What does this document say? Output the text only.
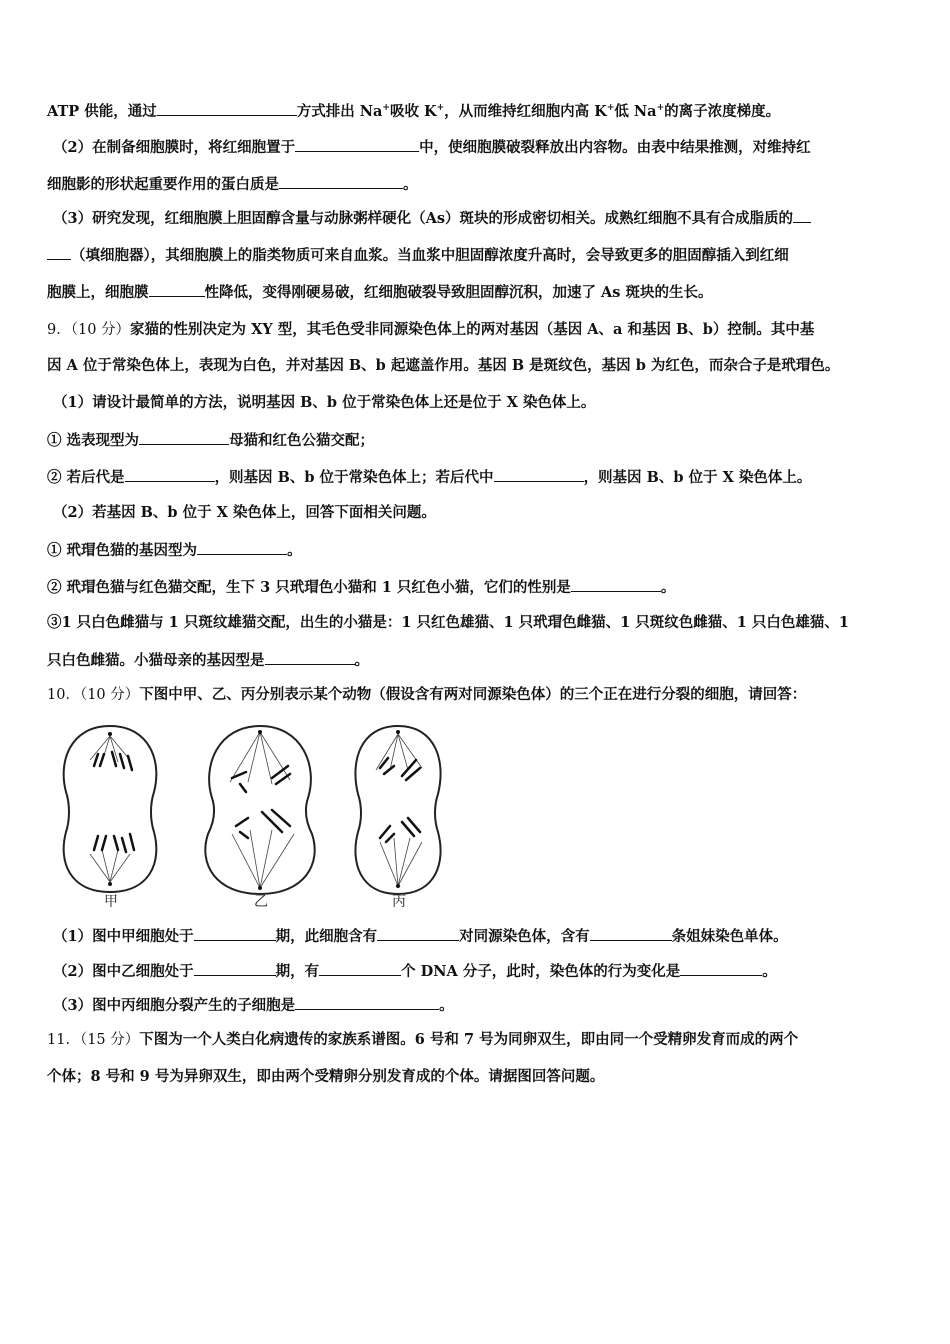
ATP 供能，通过	方式排出 Na+吸收 K+，从而维持红细胞内高 K+低 Na+的离子浓度梯度。
（2）在制备细胞膜时，将红细胞置于	中，使细胞膜破裂释放出内容物。由表中结果推测，对维持红
细胞影的形状起重要作用的蛋白质是	。
（3）研究发现，红细胞膜上胆固醇含量与动脉粥样硬化（As）斑块的形成密切相关。成熟红细胞不具有合成脂质的
（填细胞器），其细胞膜上的脂类物质可来自血浆。当血浆中胆固醇浓度升高时，会导致更多的胆固醇插入到红细
胞膜上，细胞膜	性降低，变得刚硬易破，红细胞破裂导致胆固醇沉积，加速了 As 斑块的生长。
9．（10 分）家猫的性别决定为 XY 型，其毛色受非同源染色体上的两对基因（基因 A、a 和基因 B、b）控制。其中基
因 A 位于常染色体上，表现为白色，并对基因 B、b 起遮盖作用。基因 B 是斑纹色，基因 b 为红色，而杂合子是玳瑁色。
（1）请设计最简单的方法，说明基因 B、b 位于常染色体上还是位于 X 染色体上。
① 选表现型为	母猫和红色公猫交配；
② 若后代是	，则基因 B、b 位于常染色体上；若后代中	，则基因 B、b 位于 X 染色体上。
（2）若基因 B、b 位于 X 染色体上，回答下面相关问题。
① 玳瑁色猫的基因型为	。
② 玳瑁色猫与红色猫交配，生下 3 只玳瑁色小猫和 1 只红色小猫，它们的性别是	。
③1 只白色雌猫与 1 只斑纹雄猫交配，出生的小猫是：1 只红色雄猫、1 只玳瑁色雌猫、1 只斑纹色雌猫、1 只白色雄猫、1
只白色雌猫。小猫母亲的基因型是	。
10．（10 分）下图中甲、乙、丙分别表示某个动物（假设含有两对同源染色体）的三个正在进行分裂的细胞，请回答：
甲	乙	丙
（1）图中甲细胞处于	期，此细胞含有	对同源染色体，含有	条姐妹染色单体。
（2）图中乙细胞处于	期，有	个 DNA 分子，此时，染色体的行为变化是	。
（3）图中丙细胞分裂产生的子细胞是	。
11．（15 分）下图为一个人类白化病遗传的家族系谱图。6 号和 7 号为同卵双生，即由同一个受精卵发育而成的两个
个体；8 号和 9 号为异卵双生，即由两个受精卵分别发育成的个体。请据图回答问题。
